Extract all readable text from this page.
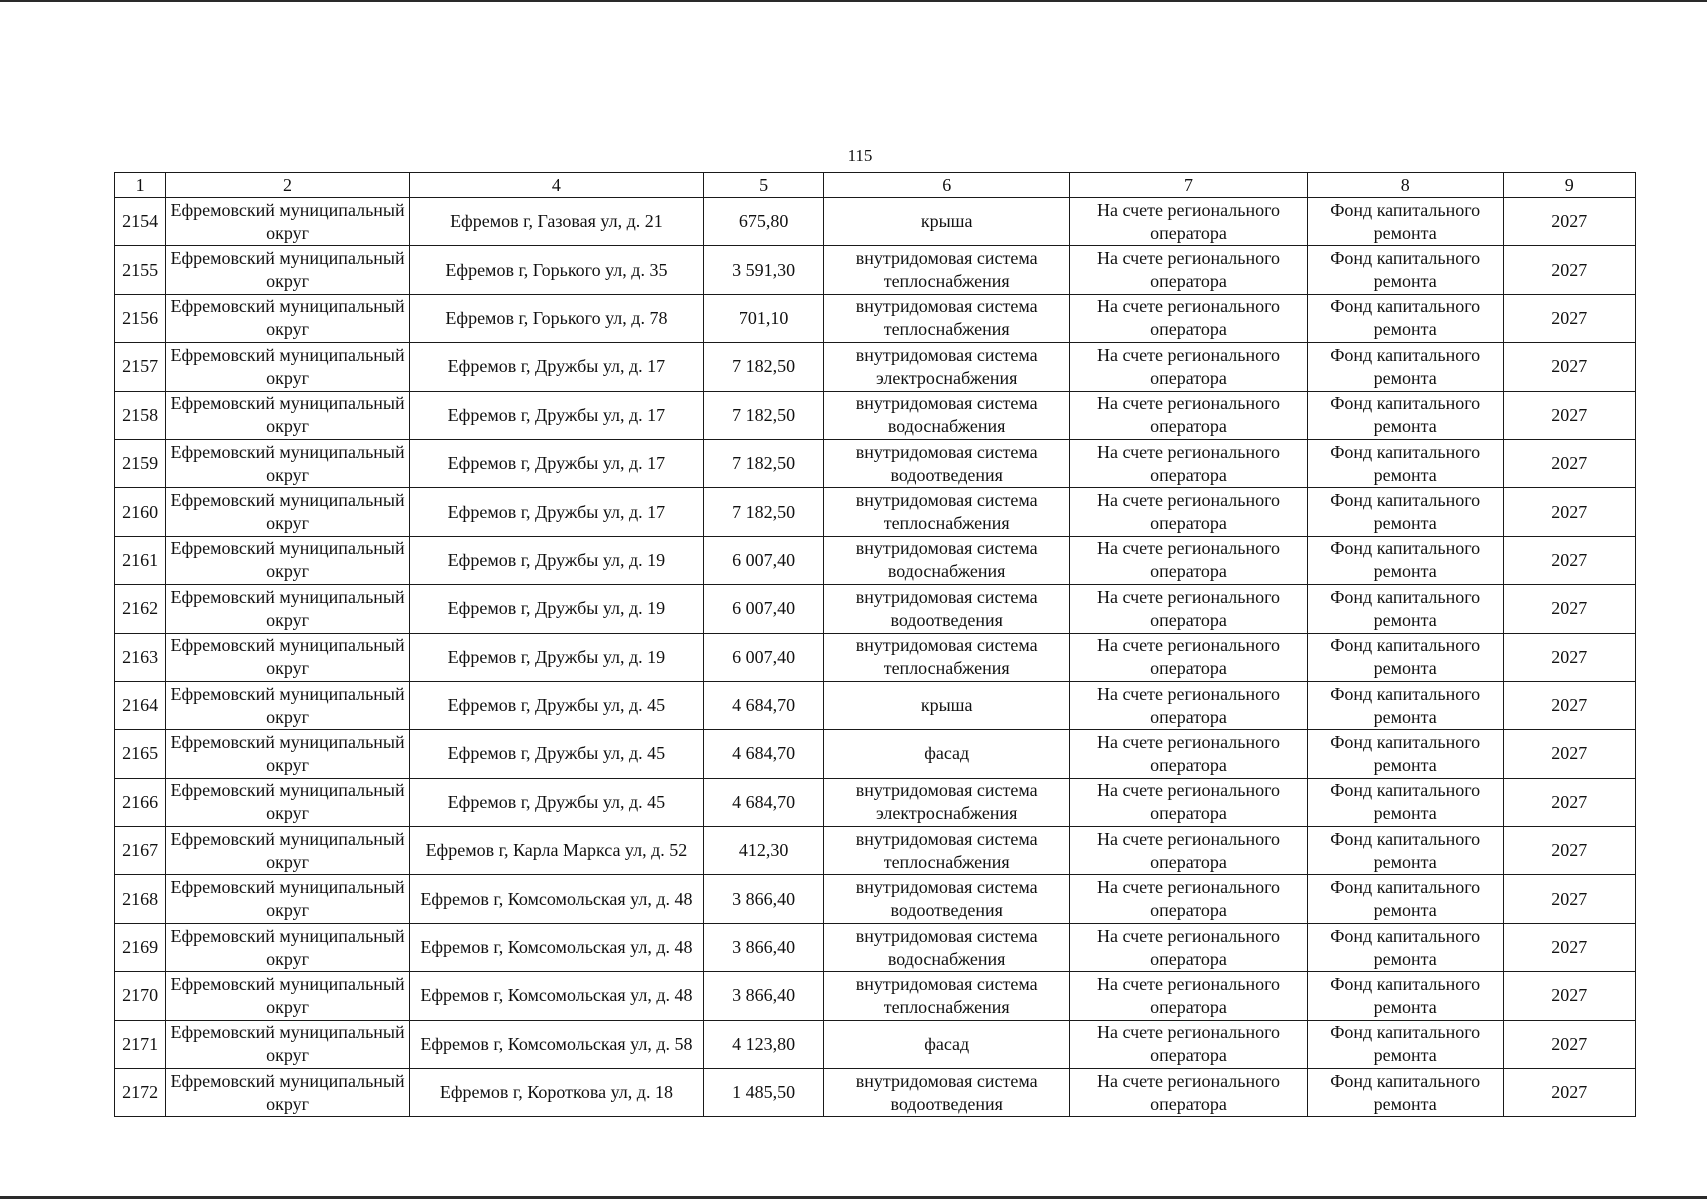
115
1	2	4	5	6	7	8	9
2154	Ефремовский муниципальный округ	Ефремов г, Газовая ул, д. 21	675,80	крыша	На счете регионального оператора	Фонд капитального ремонта	2027
2155	Ефремовский муниципальный округ	Ефремов г, Горького ул, д. 35	3 591,30	внутридомовая система теплоснабжения	На счете регионального оператора	Фонд капитального ремонта	2027
2156	Ефремовский муниципальный округ	Ефремов г, Горького ул, д. 78	701,10	внутридомовая система теплоснабжения	На счете регионального оператора	Фонд капитального ремонта	2027
2157	Ефремовский муниципальный округ	Ефремов г, Дружбы ул, д. 17	7 182,50	внутридомовая система электроснабжения	На счете регионального оператора	Фонд капитального ремонта	2027
2158	Ефремовский муниципальный округ	Ефремов г, Дружбы ул, д. 17	7 182,50	внутридомовая система водоснабжения	На счете регионального оператора	Фонд капитального ремонта	2027
2159	Ефремовский муниципальный округ	Ефремов г, Дружбы ул, д. 17	7 182,50	внутридомовая система водоотведения	На счете регионального оператора	Фонд капитального ремонта	2027
2160	Ефремовский муниципальный округ	Ефремов г, Дружбы ул, д. 17	7 182,50	внутридомовая система теплоснабжения	На счете регионального оператора	Фонд капитального ремонта	2027
2161	Ефремовский муниципальный округ	Ефремов г, Дружбы ул, д. 19	6 007,40	внутридомовая система водоснабжения	На счете регионального оператора	Фонд капитального ремонта	2027
2162	Ефремовский муниципальный округ	Ефремов г, Дружбы ул, д. 19	6 007,40	внутридомовая система водоотведения	На счете регионального оператора	Фонд капитального ремонта	2027
2163	Ефремовский муниципальный округ	Ефремов г, Дружбы ул, д. 19	6 007,40	внутридомовая система теплоснабжения	На счете регионального оператора	Фонд капитального ремонта	2027
2164	Ефремовский муниципальный округ	Ефремов г, Дружбы ул, д. 45	4 684,70	крыша	На счете регионального оператора	Фонд капитального ремонта	2027
2165	Ефремовский муниципальный округ	Ефремов г, Дружбы ул, д. 45	4 684,70	фасад	На счете регионального оператора	Фонд капитального ремонта	2027
2166	Ефремовский муниципальный округ	Ефремов г, Дружбы ул, д. 45	4 684,70	внутридомовая система электроснабжения	На счете регионального оператора	Фонд капитального ремонта	2027
2167	Ефремовский муниципальный округ	Ефремов г, Карла Маркса ул, д. 52	412,30	внутридомовая система теплоснабжения	На счете регионального оператора	Фонд капитального ремонта	2027
2168	Ефремовский муниципальный округ	Ефремов г, Комсомольская ул, д. 48	3 866,40	внутридомовая система водоотведения	На счете регионального оператора	Фонд капитального ремонта	2027
2169	Ефремовский муниципальный округ	Ефремов г, Комсомольская ул, д. 48	3 866,40	внутридомовая система водоснабжения	На счете регионального оператора	Фонд капитального ремонта	2027
2170	Ефремовский муниципальный округ	Ефремов г, Комсомольская ул, д. 48	3 866,40	внутридомовая система теплоснабжения	На счете регионального оператора	Фонд капитального ремонта	2027
2171	Ефремовский муниципальный округ	Ефремов г, Комсомольская ул, д. 58	4 123,80	фасад	На счете регионального оператора	Фонд капитального ремонта	2027
2172	Ефремовский муниципальный округ	Ефремов г, Короткова ул, д. 18	1 485,50	внутридомовая система водоотведения	На счете регионального оператора	Фонд капитального ремонта	2027
